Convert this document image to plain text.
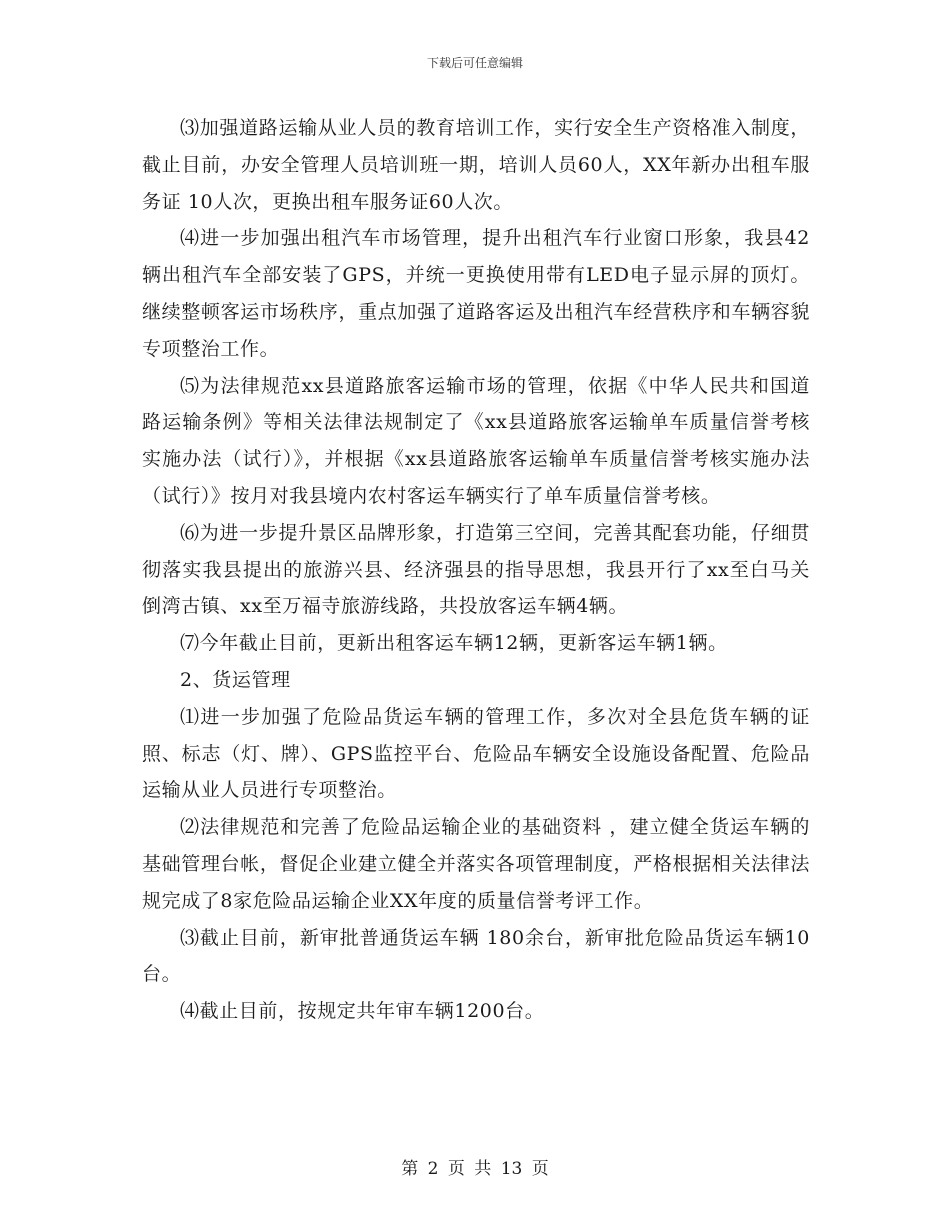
下载后可任意编辑

⑶加强道路运输从业人员的教育培训工作，实行安全生产资格准入制度，截止目前，办安全管理人员培训班一期，培训人员60人，XX年新办出租车服务证 10人次，更换出租车服务证60人次。

⑷进一步加强出租汽车市场管理，提升出租汽车行业窗口形象，我县42辆出租汽车全部安装了GPS，并统一更换使用带有LED电子显示屏的顶灯。继续整顿客运市场秩序，重点加强了道路客运及出租汽车经营秩序和车辆容貌专项整治工作。

⑸为法律规范xx县道路旅客运输市场的管理，依据《中华人民共和国道路运输条例》等相关法律法规制定了《xx县道路旅客运输单车质量信誉考核实施办法（试行）》，并根据《xx县道路旅客运输单车质量信誉考核实施办法（试行）》按月对我县境内农村客运车辆实行了单车质量信誉考核。

⑹为进一步提升景区品牌形象，打造第三空间，完善其配套功能，仔细贯彻落实我县提出的旅游兴县、经济强县的指导思想，我县开行了xx至白马关倒湾古镇、xx至万福寺旅游线路，共投放客运车辆4辆。

⑺今年截止目前，更新出租客运车辆12辆，更新客运车辆1辆。

2、货运管理

⑴进一步加强了危险品货运车辆的管理工作，多次对全县危货车辆的证照、标志（灯、牌）、GPS监控平台、危险品车辆安全设施设备配置、危险品运输从业人员进行专项整治。

⑵法律规范和完善了危险品运输企业的基础资料 ，建立健全货运车辆的基础管理台帐，督促企业建立健全并落实各项管理制度，严格根据相关法律法规完成了8家危险品运输企业XX年度的质量信誉考评工作。

⑶截止目前，新审批普通货运车辆 180余台，新审批危险品货运车辆10台。

⑷截止目前，按规定共年审车辆1200台。

第 2 页 共 13 页
